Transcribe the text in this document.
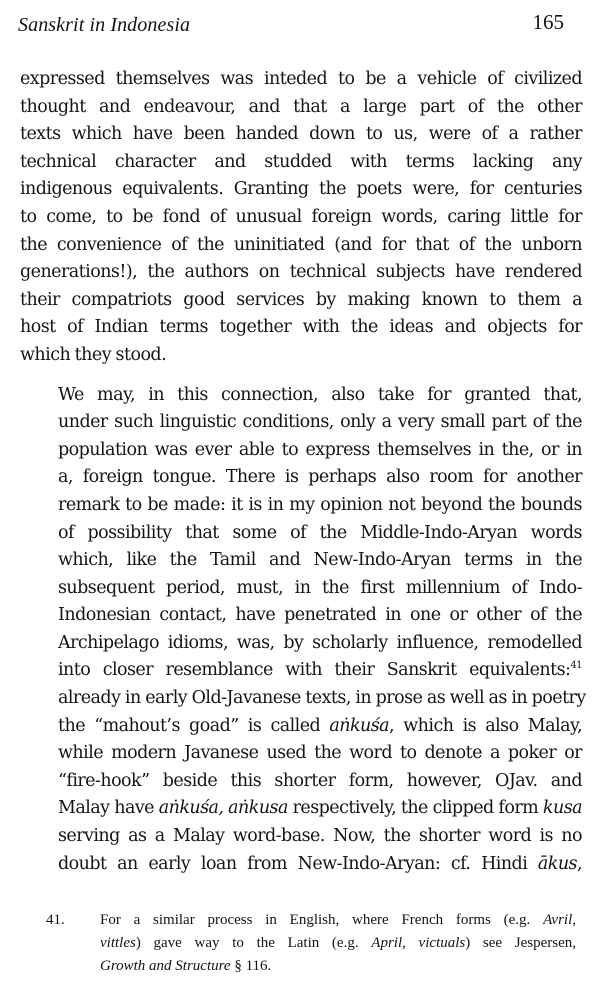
Sanskrit in Indonesia	165

expressed themselves was inteded to be a vehicle of civilized
thought and endeavour, and that a large part of the other
texts which have been handed down to us, were of a rather
technical character and studded with terms lacking any
indigenous equivalents. Granting the poets were, for centuries
to come, to be fond of unusual foreign words, caring little for
the convenience of the uninitiated (and for that of the unborn
generations!), the authors on technical subjects have rendered
their compatriots good services by making known to them a
host of Indian terms together with the ideas and objects for
which they stood.

We may, in this connection, also take for granted that,
under such linguistic conditions, only a very small part of the
population was ever able to express themselves in the, or in
a, foreign tongue. There is perhaps also room for another
remark to be made: it is in my opinion not beyond the bounds
of possibility that some of the Middle-Indo-Aryan words
which, like the Tamil and New-Indo-Aryan terms in the
subsequent period, must, in the first millennium of Indo-
Indonesian contact, have penetrated in one or other of the
Archipelago idioms, was, by scholarly influence, remodelled
into closer resemblance with their Sanskrit equivalents:$^{41}$
already in early Old-Javanese texts, in prose as well as in poetry
the “mahout’s goad” is called aṅkuśa, which is also Malay,
while modern Javanese used the word to denote a poker or
“fire-hook” beside this shorter form, however, OJav. and
Malay have aṅkuśa, aṅkusa respectively, the clipped form kusa
serving as a Malay word-base. Now, the shorter word is no
doubt an early loan from New-Indo-Aryan: cf. Hindi ākus,

41. For a similar process in English, where French forms (e.g. Avril,
vittles) gave way to the Latin (e.g. April, victuals) see Jespersen,
Growth and Structure § 116.
